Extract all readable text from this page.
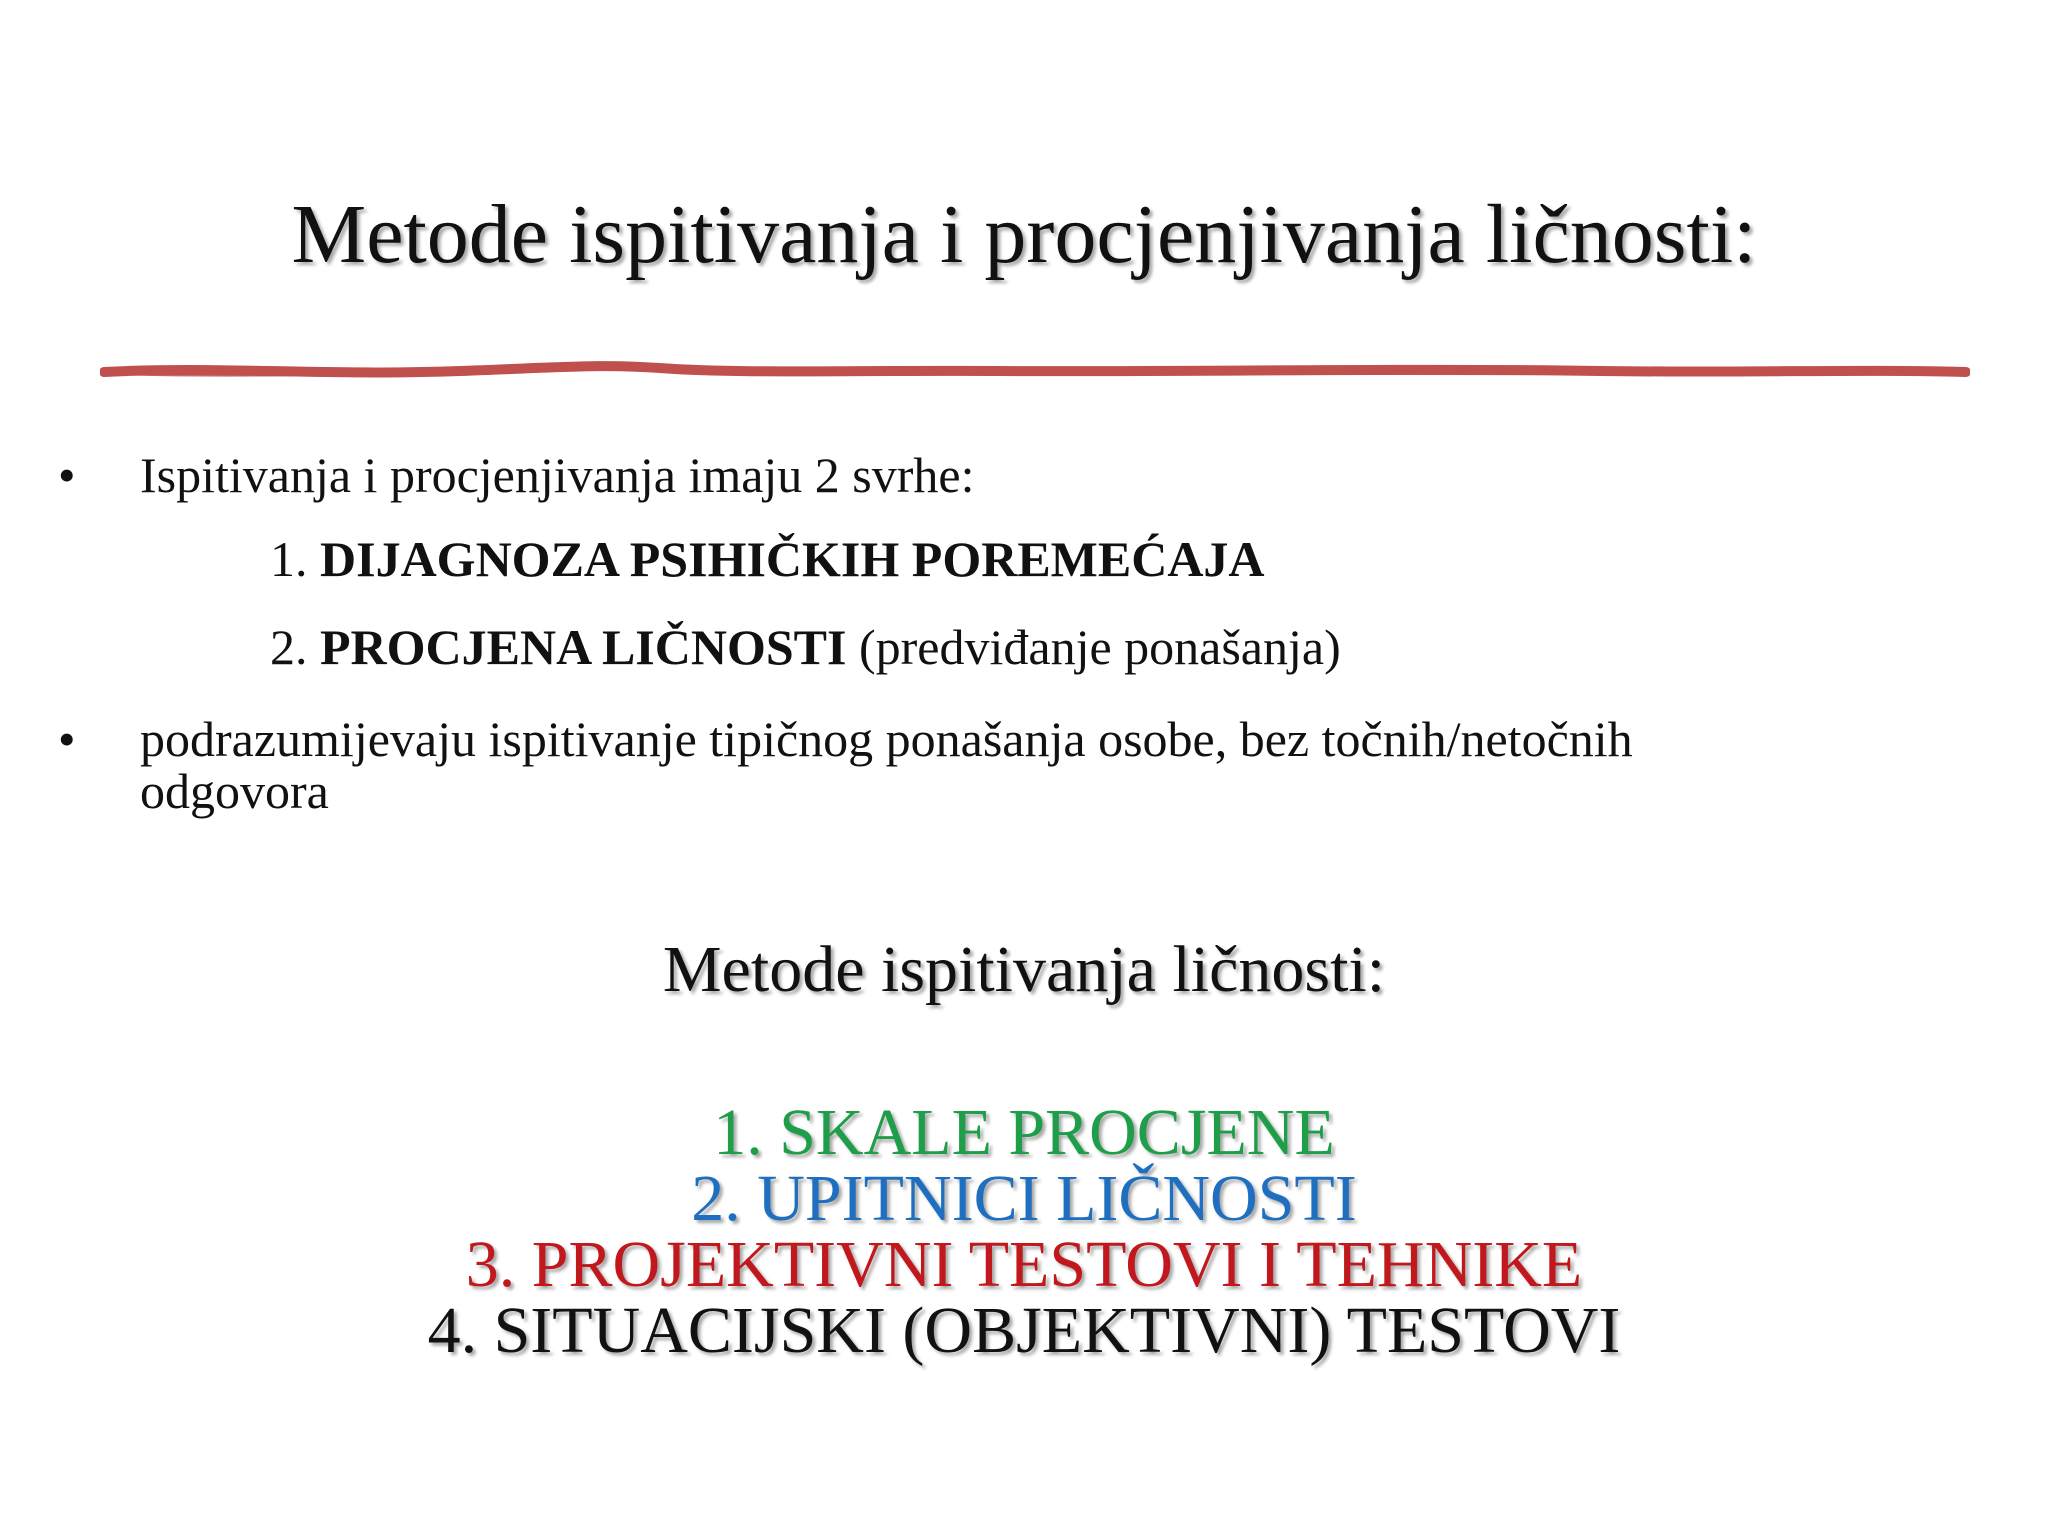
Metode ispitivanja i procjenjivanja ličnosti:
• Ispitivanja i procjenjivanja imaju 2 svrhe:
1. DIJAGNOZA PSIHIČKIH POREMEĆAJA
2. PROCJENA LIČNOSTI (predviđanje ponašanja)
• podrazumijevaju ispitivanje tipičnog ponašanja osobe, bez točnih/netočnih
odgovora
Metode ispitivanja ličnosti:
1. SKALE PROCJENE
2. UPITNICI LIČNOSTI
3. PROJEKTIVNI TESTOVI I TEHNIKE
4. SITUACIJSKI (OBJEKTIVNI) TESTOVI
